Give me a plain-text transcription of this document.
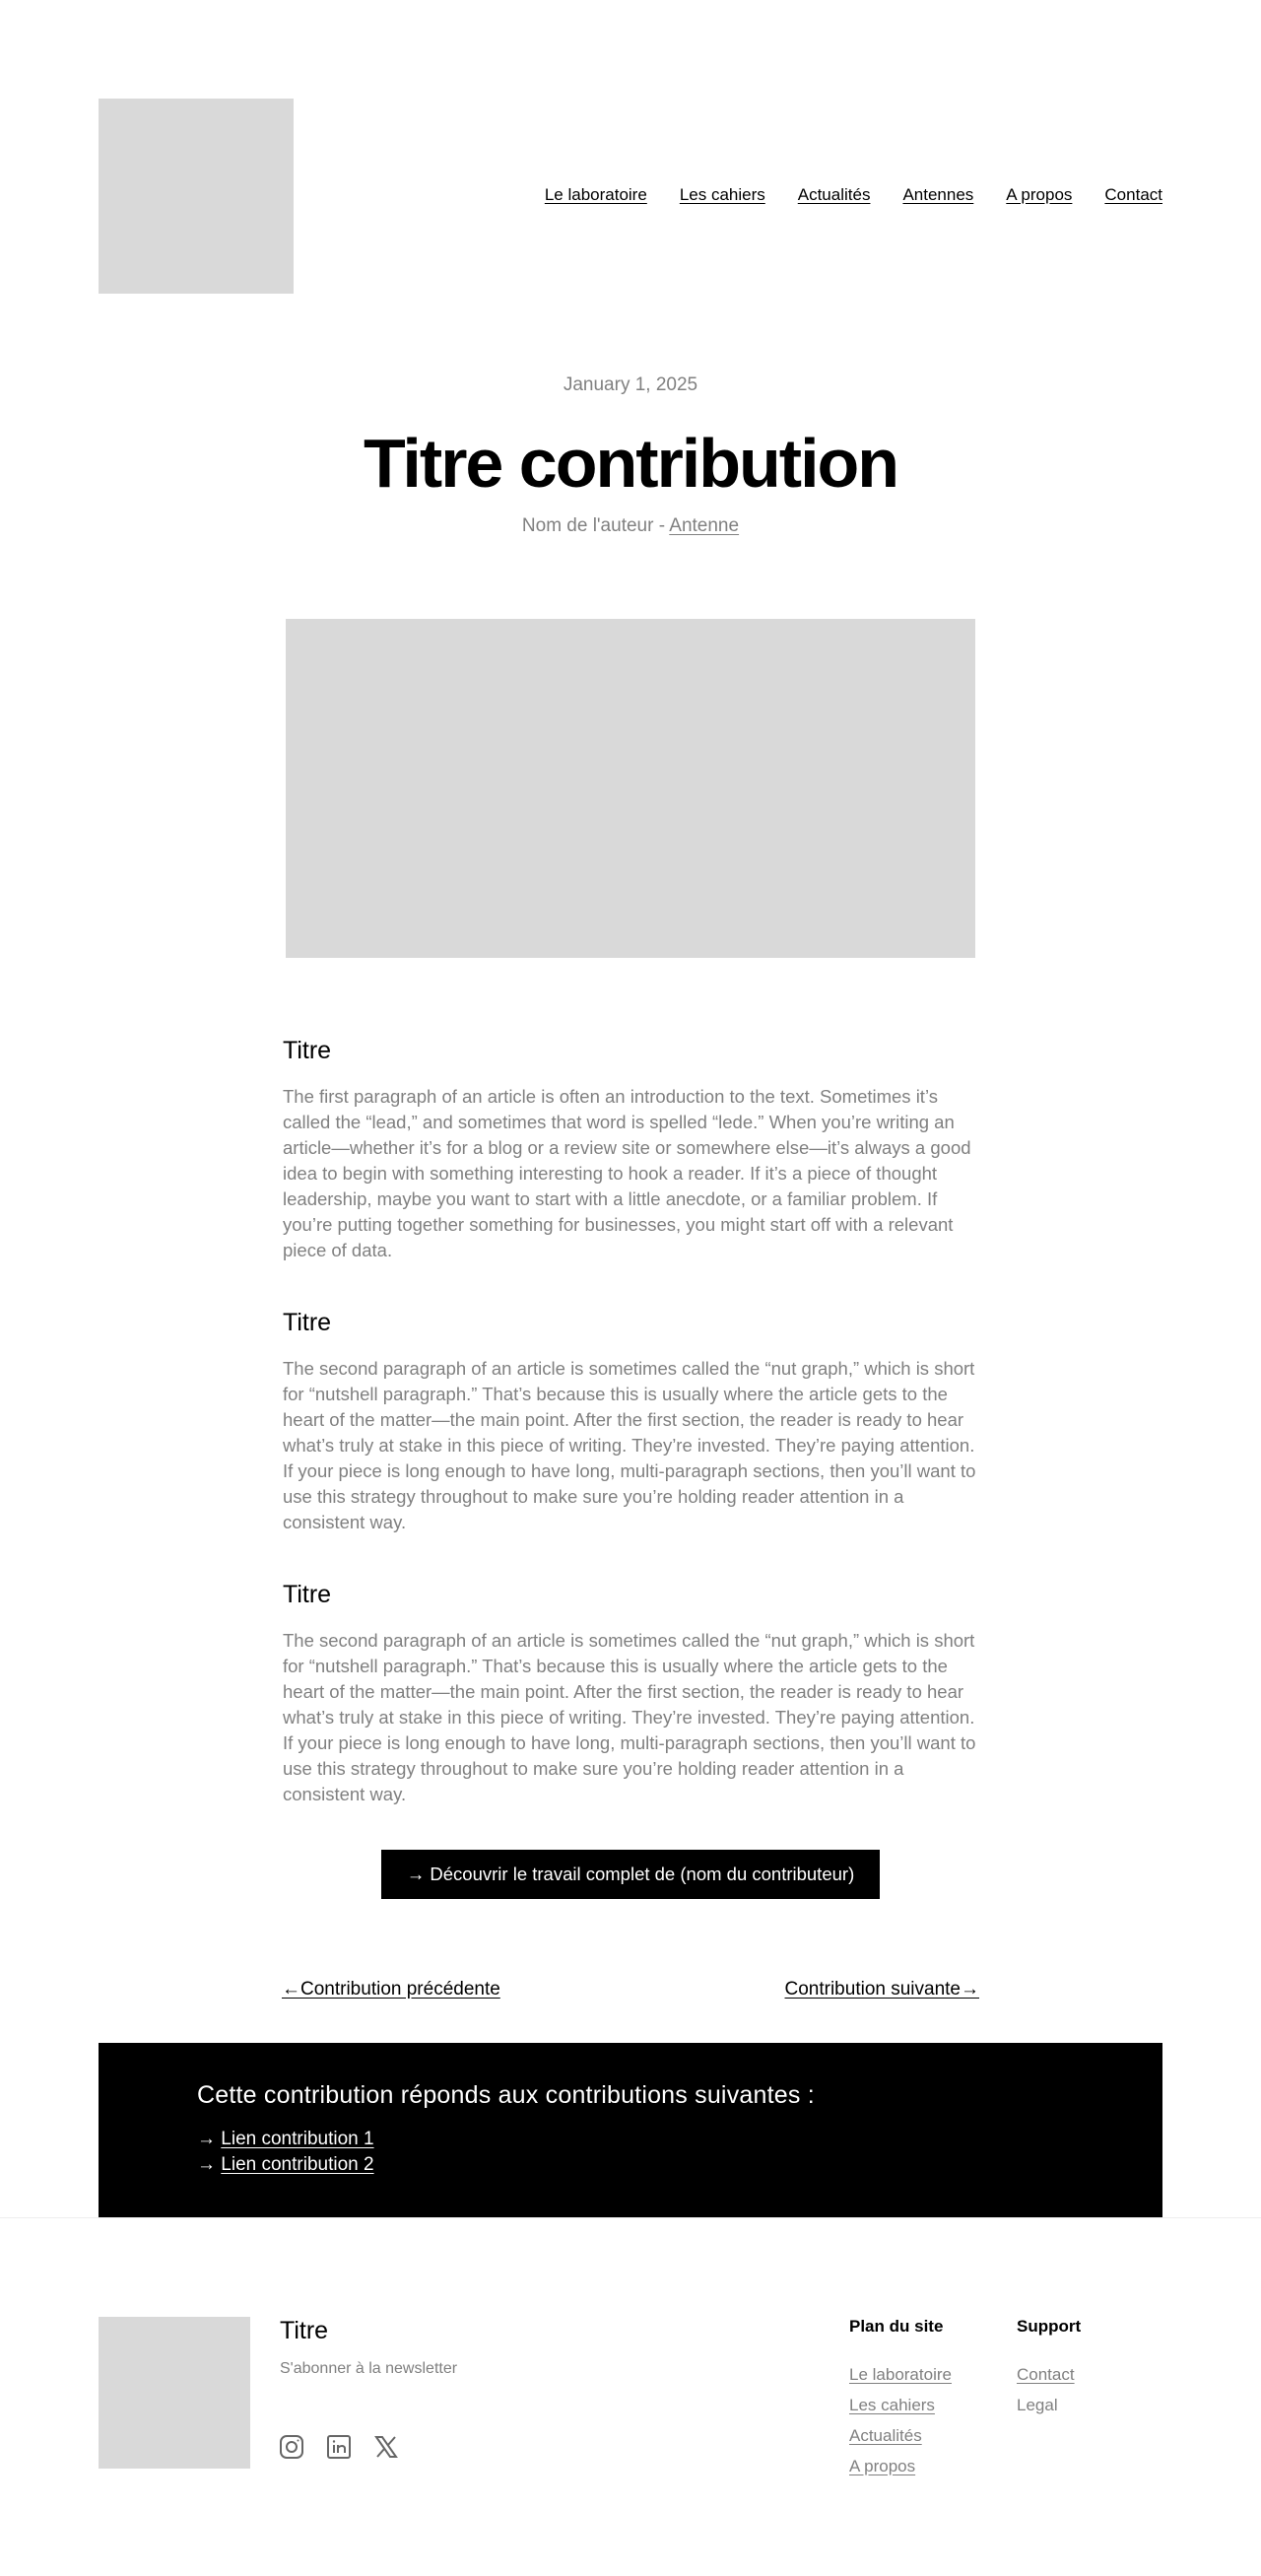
Le laboratoire Les cahiers Actualités Antennes A propos Contact
January 1, 2025
Titre contribution
Nom de l'auteur - Antenne
Titre

The first paragraph of an article is often an introduction to the text. Sometimes it’s called the “lead,” and sometimes that word is spelled “lede.” When you’re writing an article—whether it’s for a blog or a review site or somewhere else—it’s always a good idea to begin with something interesting to hook a reader. If it’s a piece of thought leadership, maybe you want to start with a little anecdote, or a familiar problem. If you’re putting together something for businesses, you might start off with a relevant piece of data.

Titre

The second paragraph of an article is sometimes called the “nut graph,” which is short for “nutshell paragraph.” That’s because this is usually where the article gets to the heart of the matter—the main point. After the first section, the reader is ready to hear what’s truly at stake in this piece of writing. They’re invested. They’re paying attention. If your piece is long enough to have long, multi-paragraph sections, then you’ll want to use this strategy throughout to make sure you’re holding reader attention in a consistent way.

Titre

The second paragraph of an article is sometimes called the “nut graph,” which is short for “nutshell paragraph.” That’s because this is usually where the article gets to the heart of the matter—the main point. After the first section, the reader is ready to hear what’s truly at stake in this piece of writing. They’re invested. They’re paying attention. If your piece is long enough to have long, multi-paragraph sections, then you’ll want to use this strategy throughout to make sure you’re holding reader attention in a consistent way.

→ Découvrir le travail complet de (nom du contributeur)
←Contribution précédente	Contribution suivante→
Cette contribution réponds aux contributions suivantes :
→ Lien contribution 1
→ Lien contribution 2
Titre
S'abonner à la newsletter
Plan du site
Le laboratoire
Les cahiers
Actualités
A propos
Support
Contact
Legal
